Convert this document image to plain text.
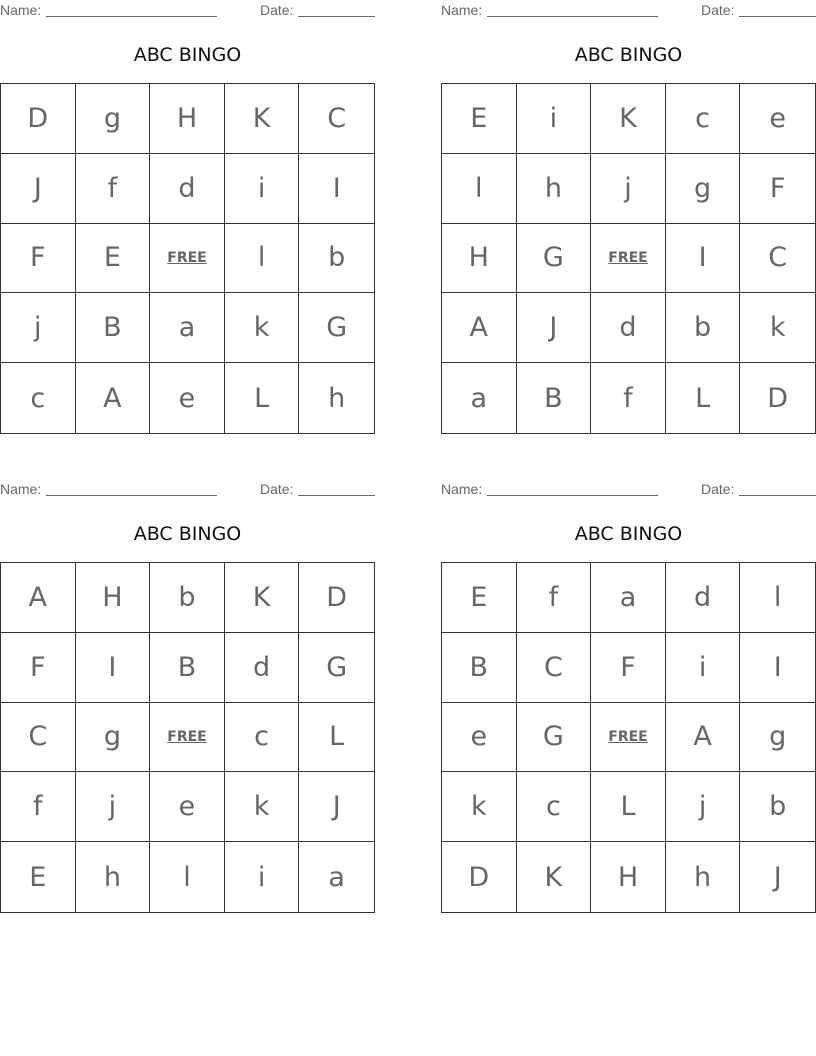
Name:	Date:
ABC BINGO
D	g	H	K	C
J	f	d	i	I
F	E	FREE	l	b
j	B	a	k	G
c	A	e	L	h
Name:	Date:
ABC BINGO
E	i	K	c	e
l	h	j	g	F
H	G	FREE	I	C
A	J	d	b	k
a	B	f	L	D
Name:	Date:
ABC BINGO
A	H	b	K	D
F	I	B	d	G
C	g	FREE	c	L
f	j	e	k	J
E	h	l	i	a
Name:	Date:
ABC BINGO
E	f	a	d	l
B	C	F	i	I
e	G	FREE	A	g
k	c	L	j	b
D	K	H	h	J
